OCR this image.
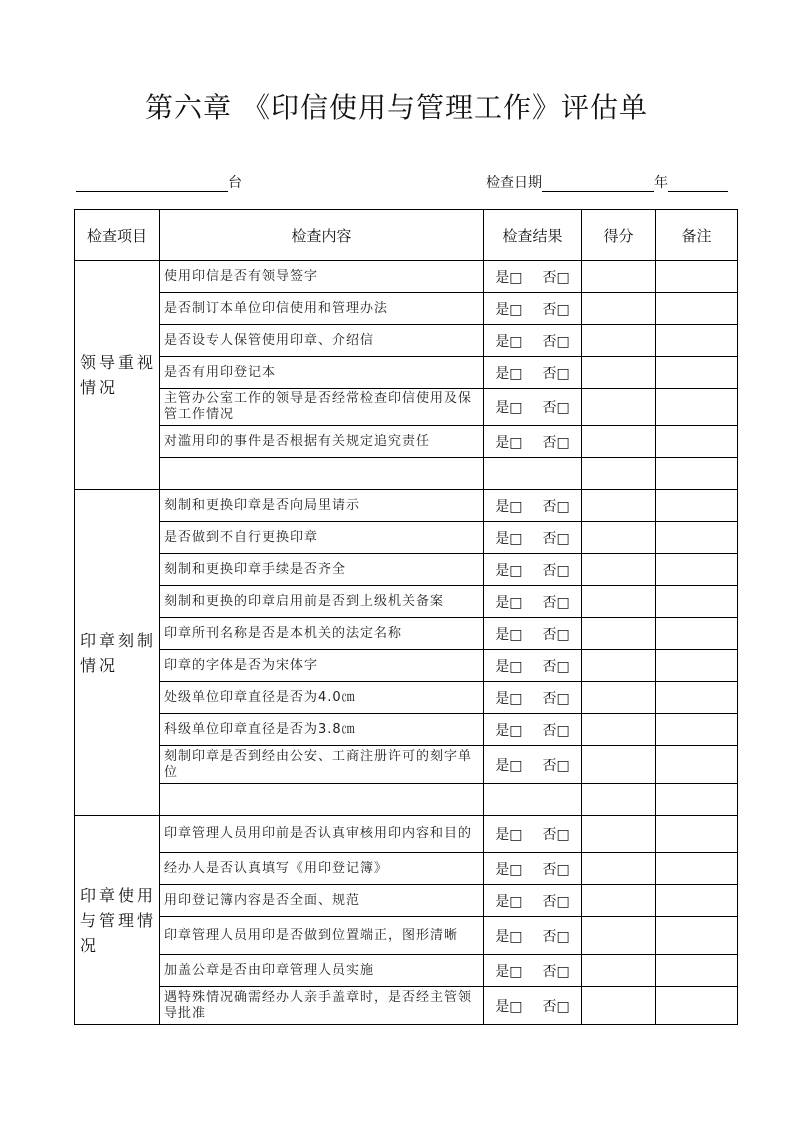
第六章 《印信使用与管理工作》评估单
台	检查日期	年
检查项目	检查内容	检查结果	得分	备注
领导重视情况	使用印信是否有领导签字	是□ 否□		
	是否制订本单位印信使用和管理办法	是□ 否□		
	是否设专人保管使用印章、介绍信	是□ 否□		
	是否有用印登记本	是□ 否□		
	主管办公室工作的领导是否经常检查印信使用及保管工作情况	是□ 否□		
	对滥用印的事件是否根据有关规定追究责任	是□ 否□		

印章刻制情况	刻制和更换印章是否向局里请示	是□ 否□		
	是否做到不自行更换印章	是□ 否□		
	刻制和更换印章手续是否齐全	是□ 否□		
	刻制和更换的印章启用前是否到上级机关备案	是□ 否□		
	印章所刊名称是否是本机关的法定名称	是□ 否□		
	印章的字体是否为宋体字	是□ 否□		
	处级单位印章直径是否为4.0㎝	是□ 否□		
	科级单位印章直径是否为3.8㎝	是□ 否□		
	刻制印章是否到经由公安、工商注册许可的刻字单位	是□ 否□		

印章使用与管理情况	印章管理人员用印前是否认真审核用印内容和目的	是□ 否□		
	经办人是否认真填写《用印登记簿》	是□ 否□		
	用印登记簿内容是否全面、规范	是□ 否□		
	印章管理人员用印是否做到位置端正，图形清晰	是□ 否□		
	加盖公章是否由印章管理人员实施	是□ 否□		
	遇特殊情况确需经办人亲手盖章时，是否经主管领导批准	是□ 否□		
